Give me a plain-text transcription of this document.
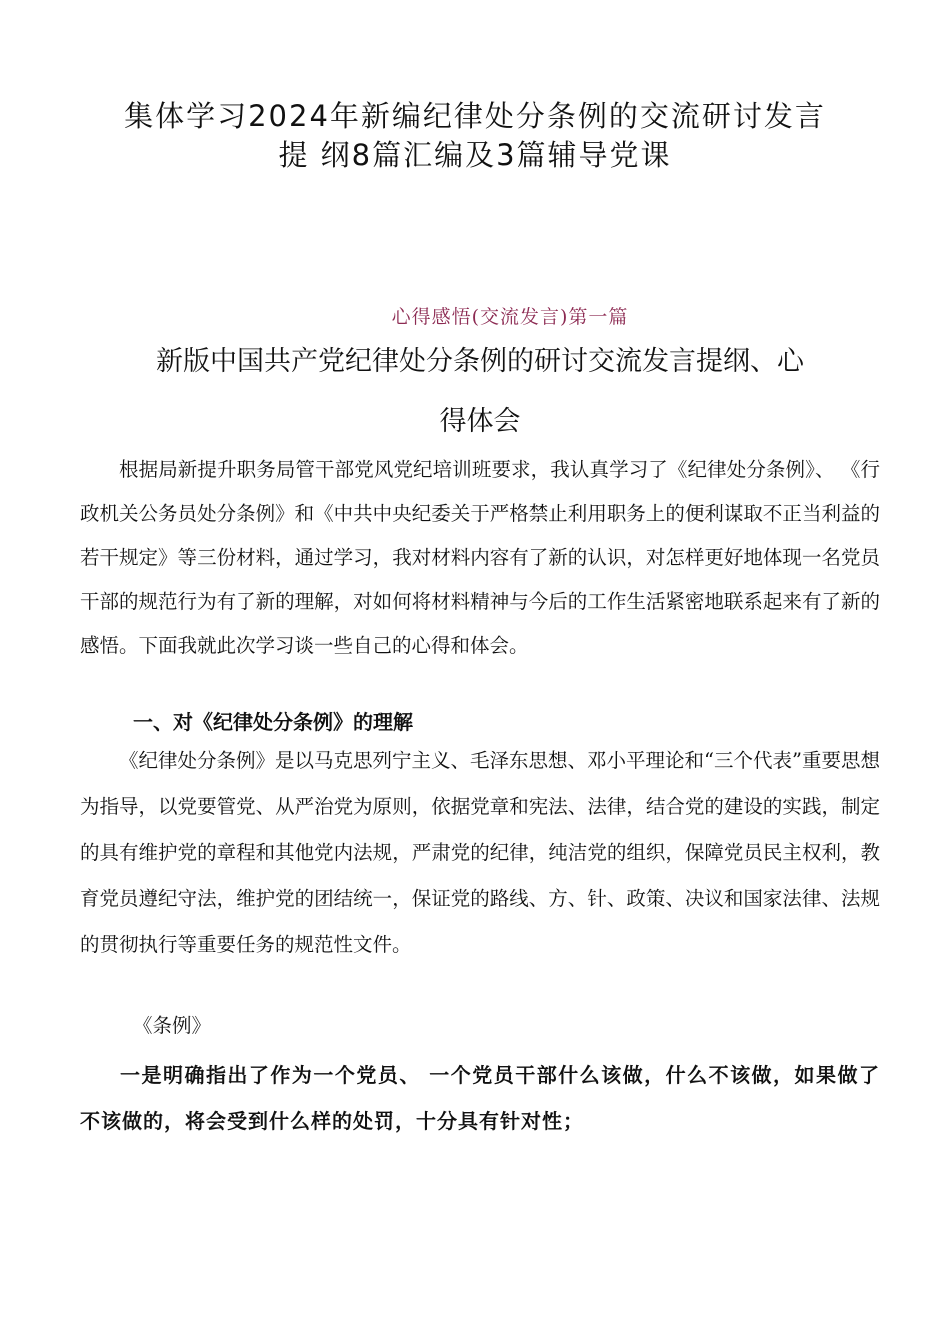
集体学习2024年新编纪律处分条例的交流研讨发言
提 纲8篇汇编及3篇辅导党课
心得感悟(交流发言)第一篇
新版中国共产党纪律处分条例的研讨交流发言提纲、心
得体会

根据局新提升职务局管干部党风党纪培训班要求，我认真学习了《纪律处分条例》、 《行政机关公务员处分条例》和《中共中央纪委关于严格禁止利用职务上的便利谋取不正当利益的若干规定》等三份材料，通过学习，我对材料内容有了新的认识，对怎样更好地体现一名党员干部的规范行为有了新的理解，对如何将材料精神与今后的工作生活紧密地联系起来有了新的感悟。下面我就此次学习谈一些自己的心得和体会。

一、对《纪律处分条例》的理解

《纪律处分条例》是以马克思列宁主义、毛泽东思想、邓小平理论和“三个代表”重要思想为指导，以党要管党、从严治党为原则，依据党章和宪法、法律，结合党的建设的实践，制定的具有维护党的章程和其他党内法规，严肃党的纪律，纯洁党的组织，保障党员民主权利，教育党员遵纪守法，维护党的团结统一，保证党的路线、方、针、政策、决议和国家法律、法规的贯彻执行等重要任务的规范性文件。

《条例》

一是明确指出了作为一个党员、 一个党员干部什么该做，什么不该做，如果做了不该做的，将会受到什么样的处罚，十分具有针对性；
